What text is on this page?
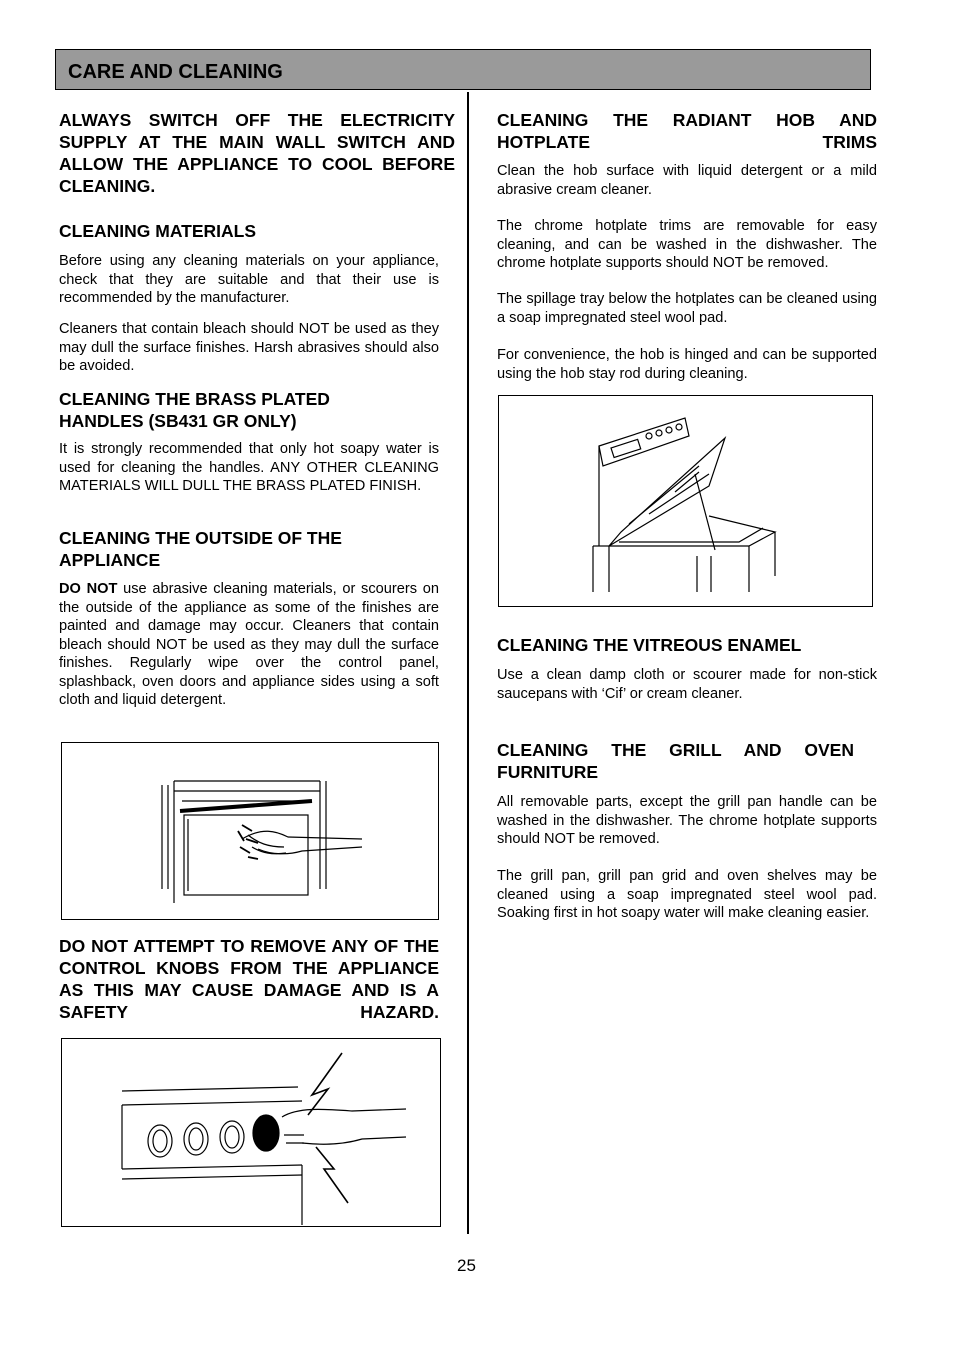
CARE AND CLEANING

ALWAYS SWITCH OFF THE ELECTRICITY SUPPLY AT THE MAIN WALL SWITCH AND ALLOW THE APPLIANCE TO COOL BEFORE CLEANING.

CLEANING MATERIALS

Before using any cleaning materials on your appliance, check that they are suitable and that their use is recommended by the manufacturer.

Cleaners that contain bleach should NOT be used as they may dull the surface finishes. Harsh abrasives should also be avoided.

CLEANING THE BRASS PLATED
HANDLES (SB431 GR ONLY)

It is strongly recommended that only hot soapy water is used for cleaning the handles. ANY OTHER CLEANING MATERIALS WILL DULL THE BRASS PLATED FINISH.

CLEANING THE OUTSIDE OF THE
APPLIANCE

DO NOT use abrasive cleaning materials, or scourers on the outside of the appliance as some of the finishes are painted and damage may occur. Cleaners that contain bleach should NOT be used as they may dull the surface finishes. Regularly wipe over the control panel, splashback, oven doors and appliance sides using a soft cloth and liquid detergent.

DO NOT ATTEMPT TO REMOVE ANY OF THE CONTROL KNOBS FROM THE APPLIANCE AS THIS MAY CAUSE DAMAGE AND IS A SAFETY HAZARD.

CLEANING THE RADIANT HOB AND HOTPLATE TRIMS

Clean the hob surface with liquid detergent or a mild abrasive cream cleaner.

The chrome hotplate trims are removable for easy cleaning, and can be washed in the dishwasher. The chrome hotplate supports should NOT be removed.

The spillage tray below the hotplates can be cleaned using a soap impregnated steel wool pad.

For convenience, the hob is hinged and can be supported using the hob stay rod during cleaning.

CLEANING THE VITREOUS ENAMEL

Use a clean damp cloth or scourer made for non-stick saucepans with ‘Cif’ or cream cleaner.

CLEANING THE GRILL AND OVEN FURNITURE

All removable parts, except the grill pan handle can be washed in the dishwasher. The chrome hotplate supports should NOT be removed.

The grill pan, grill pan grid and oven shelves may be cleaned using a soap impregnated steel wool pad. Soaking first in hot soapy water will make cleaning easier.

25
